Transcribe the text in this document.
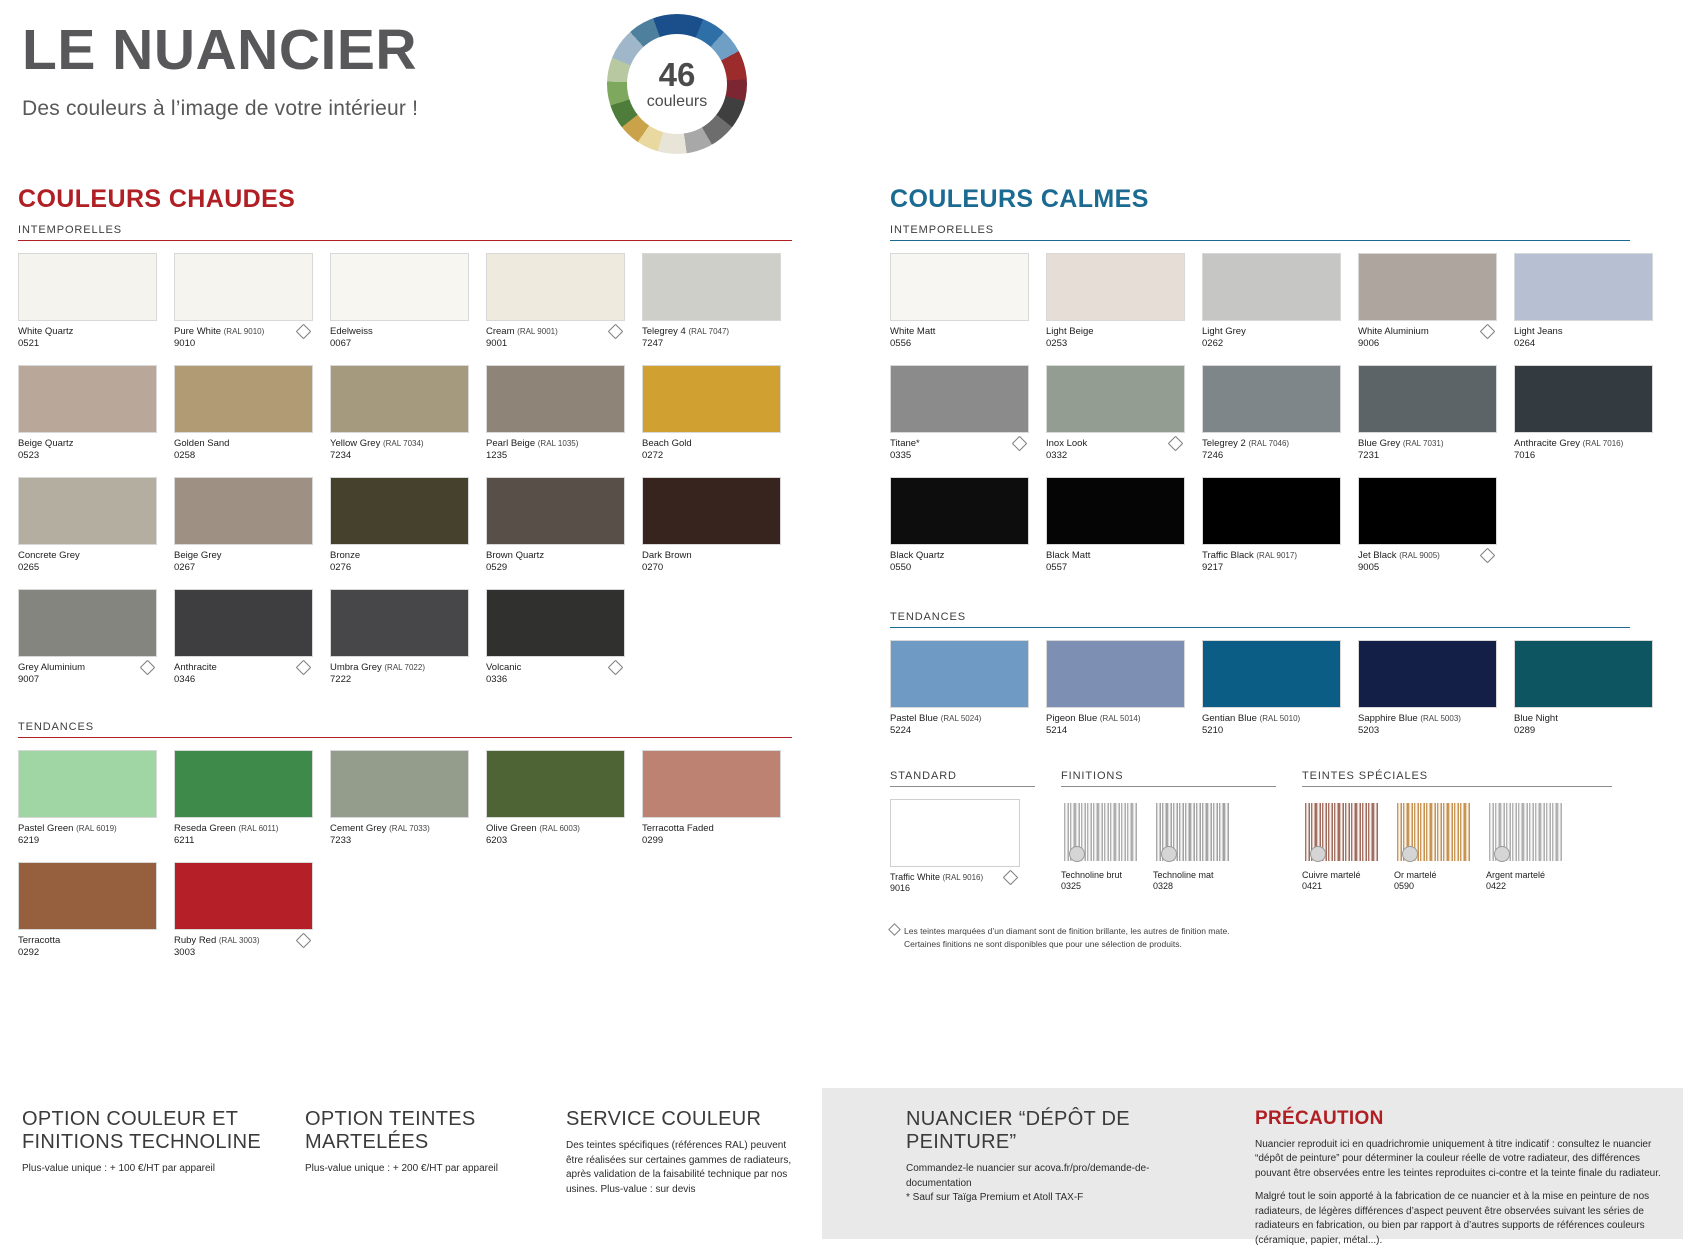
LE NUANCIER
Des couleurs à l’image de votre intérieur !
46
couleurs
COULEURS CHAUDES
INTEMPORELLES
White Quartz
0521
Pure White (RAL 9010)
9010
Edelweiss
0067
Cream (RAL 9001)
9001
Telegrey 4 (RAL 7047)
7247
Beige Quartz
0523
Golden Sand
0258
Yellow Grey (RAL 7034)
7234
Pearl Beige (RAL 1035)
1235
Beach Gold
0272
Concrete Grey
0265
Beige Grey
0267
Bronze
0276
Brown Quartz
0529
Dark Brown
0270
Grey Aluminium
9007
Anthracite
0346
Umbra Grey (RAL 7022)
7222
Volcanic
0336
TENDANCES
Pastel Green (RAL 6019)
6219
Reseda Green (RAL 6011)
6211
Cement Grey (RAL 7033)
7233
Olive Green (RAL 6003)
6203
Terracotta Faded
0299
Terracotta
0292
Ruby Red (RAL 3003)
3003
COULEURS CALMES
INTEMPORELLES
White Matt
0556
Light Beige
0253
Light Grey
0262
White Aluminium
9006
Light Jeans
0264
Titane*
0335
Inox Look
0332
Telegrey 2 (RAL 7046)
7246
Blue Grey (RAL 7031)
7231
Anthracite Grey (RAL 7016)
7016
Black Quartz
0550
Black Matt
0557
Traffic Black (RAL 9017)
9217
Jet Black (RAL 9005)
9005
TENDANCES
Pastel Blue (RAL 5024)
5224
Pigeon Blue (RAL 5014)
5214
Gentian Blue (RAL 5010)
5210
Sapphire Blue (RAL 5003)
5203
Blue Night
0289
STANDARD
Traffic White (RAL 9016)
9016
FINITIONS
Technoline brut
0325
Technoline mat
0328
TEINTES SPÉCIALES
Cuivre martelé
0421
Or martelé
0590
Argent martelé
0422
Les teintes marquées d’un diamant sont de finition brillante, les autres de finition mate.
Certaines finitions ne sont disponibles que pour une sélection de produits.
OPTION COULEUR ET FINITIONS TECHNOLINE

Plus-value unique : + 100 €/HT par appareil

OPTION TEINTES MARTELÉES

Plus-value unique : + 200 €/HT par appareil

SERVICE COULEUR

Des teintes spécifiques (références RAL) peuvent être réalisées sur certaines gammes de radiateurs, après validation de la faisabilité technique par nos usines. Plus-value : sur devis

NUANCIER “DÉPÔT DE PEINTURE”

Commandez-le nuancier sur acova.fr/pro/demande-de-documentation

* Sauf sur Taïga Premium et Atoll TAX-F

PRÉCAUTION

Nuancier reproduit ici en quadrichromie uniquement à titre indicatif : consultez le nuancier “dépôt de peinture” pour déterminer la couleur réelle de votre radiateur, des différences pouvant être observées entre les teintes reproduites ci-contre et la teinte finale du radiateur.

Malgré tout le soin apporté à la fabrication de ce nuancier et à la mise en peinture de nos radiateurs, de légères différences d’aspect peuvent être observées suivant les séries de radiateurs en fabrication, ou bien par rapport à d’autres supports de références couleurs (céramique, papier, métal...).
